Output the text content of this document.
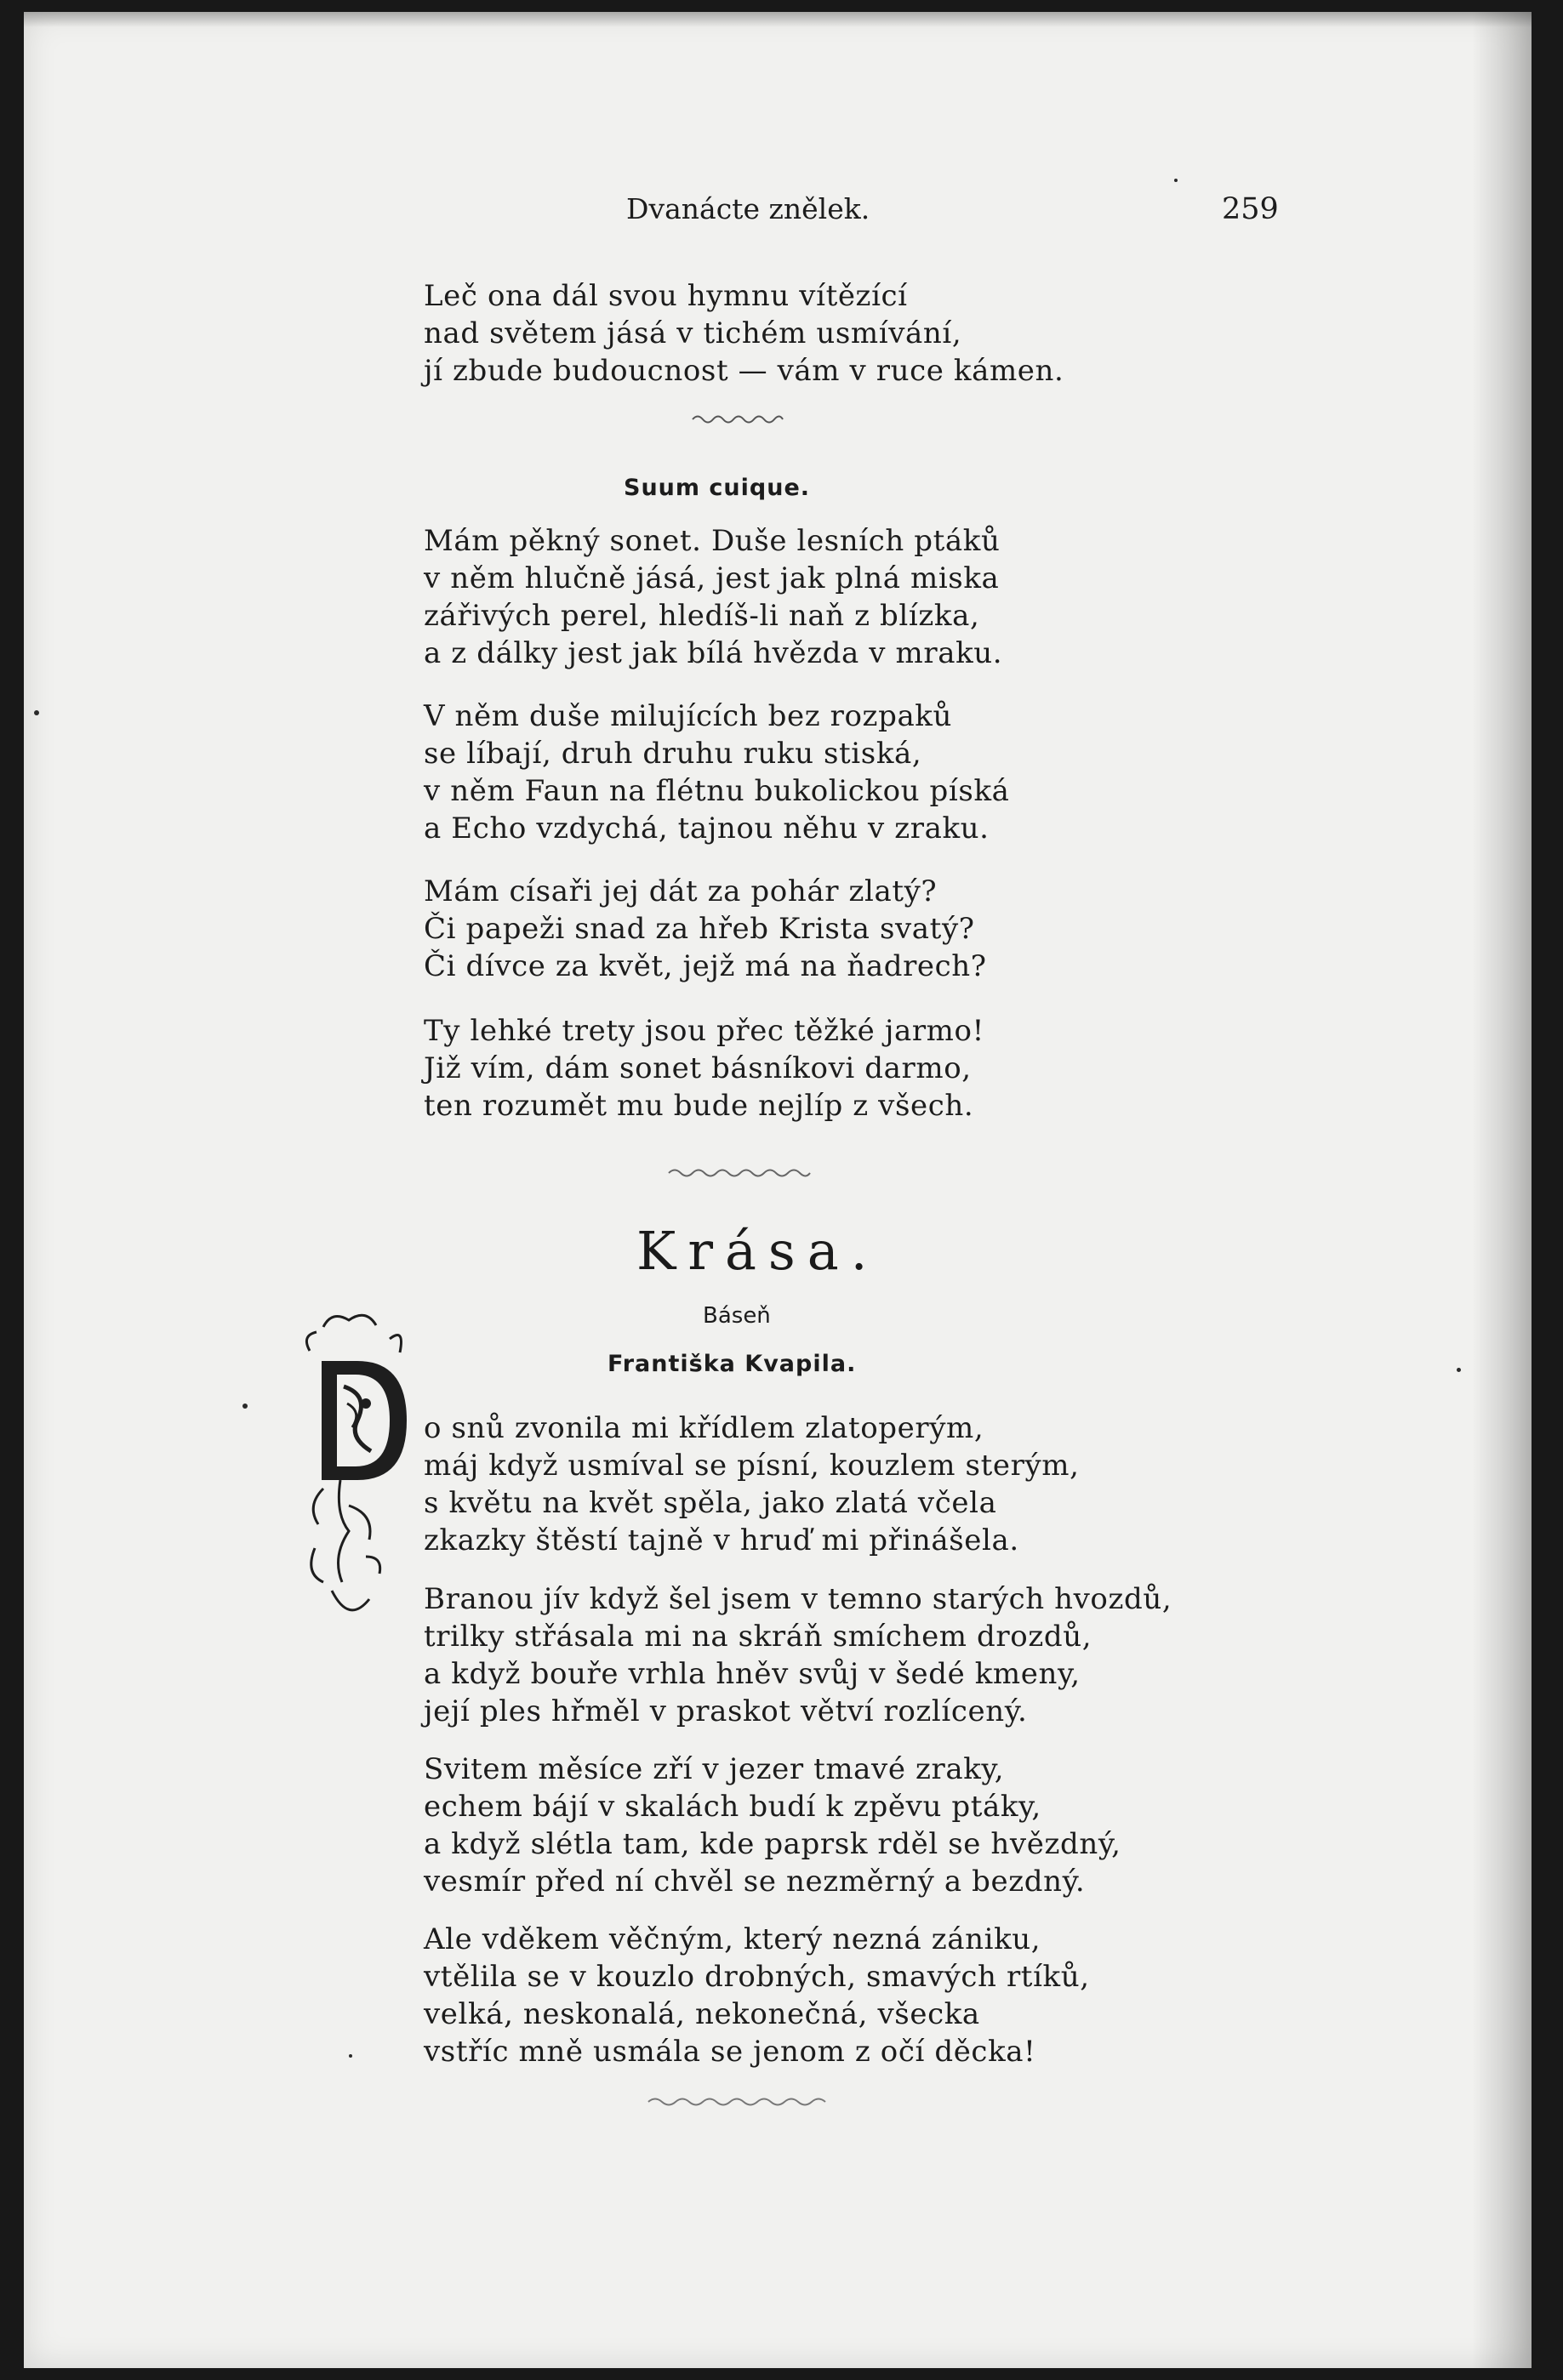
Dvanácte znělek.	259
Leč ona dál svou hymnu vítězící
nad světem jásá v tichém usmívání,
jí zbude budoucnost — vám v ruce kámen.
Suum cuique.
Mám pěkný sonet. Duše lesních ptáků
v něm hlučně jásá, jest jak plná miska
zářivých perel, hledíš-li naň z blízka,
a z dálky jest jak bílá hvězda v mraku.
V něm duše milujících bez rozpaků
se líbají, druh druhu ruku stiská,
v něm Faun na flétnu bukolickou píská
a Echo vzdychá, tajnou něhu v zraku.
Mám císaři jej dát za pohár zlatý?
Či papeži snad za hřeb Krista svatý?
Či dívce za květ, jejž má na ňadrech?
Ty lehké trety jsou přec těžké jarmo!
Již vím, dám sonet básníkovi darmo,
ten rozumět mu bude nejlíp z všech.
Krása.
Báseň
Františka Kvapila.
o snů zvonila mi křídlem zlatoperým,
máj když usmíval se písní, kouzlem sterým,
s květu na květ spěla, jako zlatá včela
zkazky štěstí tajně v hruď mi přinášela.
Branou jív když šel jsem v temno starých hvozdů,
trilky střásala mi na skráň smíchem drozdů,
a když bouře vrhla hněv svůj v šedé kmeny,
její ples hřměl v praskot větví rozlícený.
Svitem měsíce zří v jezer tmavé zraky,
echem bájí v skalách budí k zpěvu ptáky,
a když slétla tam, kde paprsk rděl se hvězdný,
vesmír před ní chvěl se nezměrný a bezdný.
Ale vděkem věčným, který nezná zániku,
vtělila se v kouzlo drobných, smavých rtíků,
velká, neskonalá, nekonečná, všecka
vstříc mně usmála se jenom z očí děcka!
